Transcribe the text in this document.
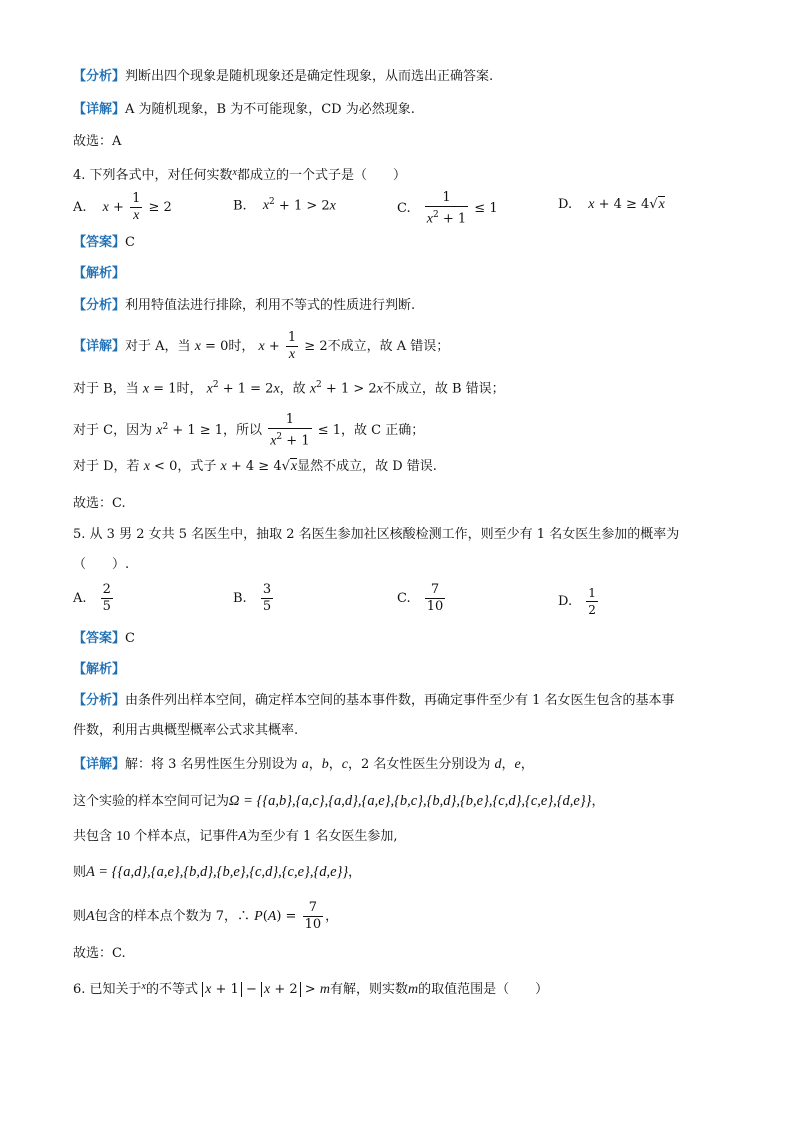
【分析】判断出四个现象是随机现象还是确定性现象，从而选出正确答案.
【详解】A 为随机现象，B 为不可能现象，CD 为必然现象.
故选：A
4. 下列各式中，对任何实数$^x$都成立的一个式子是（　　）
A. $x + \frac{1}{x} \ge 2$	B. $x^2 + 1 > 2x$	C. $\frac{1}{x^2 + 1} \le 1$	D. x + 4 ≥ 4√x
【答案】C
【解析】
【分析】利用特值法进行排除，利用不等式的性质进行判断.
【详解】对于 A，当 x = 0时， $x + \frac{1}{x} \ge 2$不成立，故 A 错误；
对于 B，当 x = 1时， $x^2 + 1 = 2x$，故 $x^2 + 1 > 2x$不成立，故 B 错误；
对于 C，因为 $x^2 + 1 \ge 1$，所以 $\frac{1}{x^2 + 1} \le 1$，故 C 正确；
对于 D，若 x < 0，式子 x + 4 ≥ 4√x显然不成立，故 D 错误.
故选：C.
5. 从 3 男 2 女共 5 名医生中，抽取 2 名医生参加社区核酸检测工作，则至少有 1 名女医生参加的概率为
（　　）.
A. $\frac{2}{5}$	B. $\frac{3}{5}$	C. $\frac{7}{10}$	D. $\frac{1}{2}$
【答案】C
【解析】
【分析】由条件列出样本空间，确定样本空间的基本事件数，再确定事件至少有 1 名女医生包含的基本事
件数，利用古典概型概率公式求其概率.
【详解】解：将 3 名男性医生分别设为 a，b，c，2 名女性医生分别设为 d，e，
这个实验的样本空间可记为Ω = {{a,b},{a,c},{a,d},{a,e},{b,c},{b,d},{b,e},{c,d},{c,e},{d,e}}，
共包含 10 个样本点，记事件A为至少有 1 名女医生参加,
则A = {{a,d},{a,e},{b,d},{b,e},{c,d},{c,e},{d,e}}，
则A包含的样本点个数为 7，∴ $P(A) = \frac{7}{10}$ ，
故选：C.
6. 已知关于$^x$的不等式 x + 1 − x + 2 > m有解，则实数m的取值范围是（　　）
